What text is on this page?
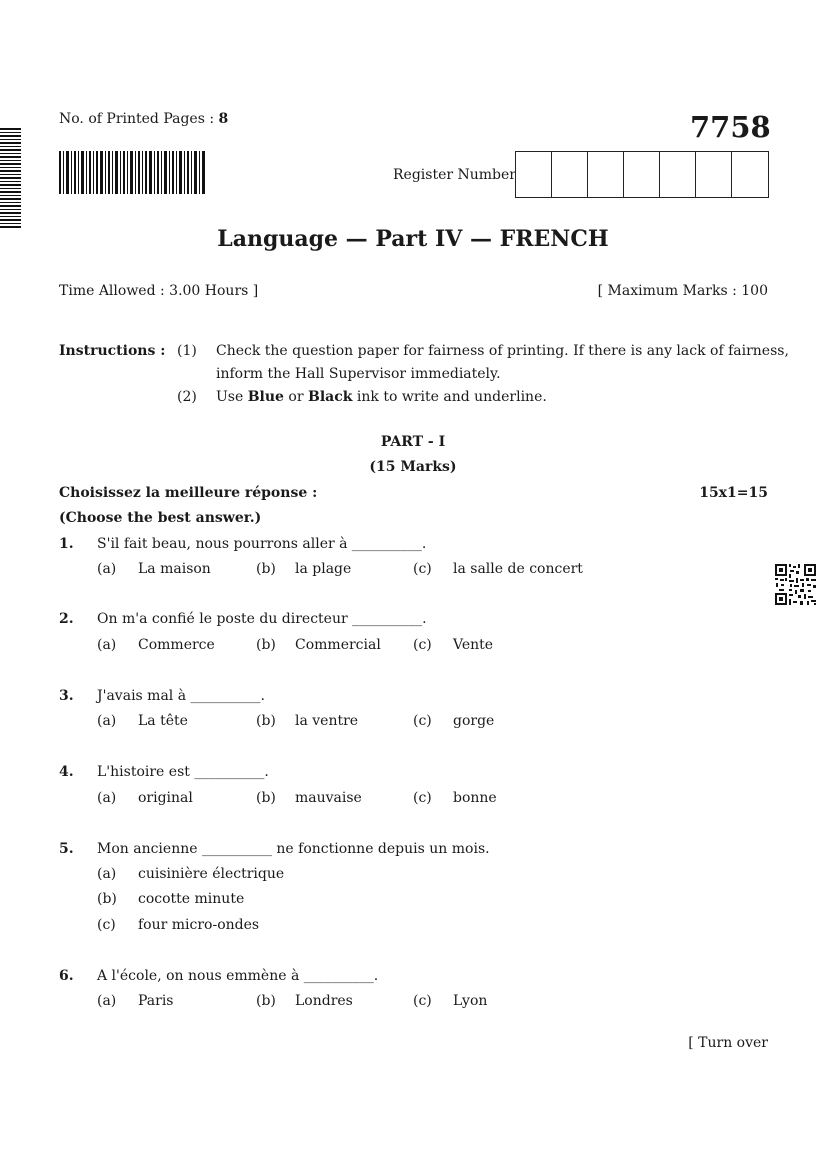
No. of Printed Pages : 8	7758
Register Number
Language — Part IV — FRENCH
Time Allowed : 3.00 Hours ]	[ Maximum Marks : 100
Instructions : (1) Check the question paper for fairness of printing. If there is any lack of fairness,
inform the Hall Supervisor immediately.
(2) Use Blue or Black ink to write and underline.
PART - I
(15 Marks)
Choisissez la meilleure réponse :	15x1=15
(Choose the best answer.)
1. S'il fait beau, nous pourrons aller à __________.
(a) La maison	(b) la plage	(c) la salle de concert
2. On m'a confié le poste du directeur __________.
(a) Commerce	(b) Commercial (c) Vente
3. J'avais mal à __________.
(a) La tête	(b) la ventre	(c) gorge
4. L'histoire est __________.
(a) original	(b) mauvaise	(c) bonne
5. Mon ancienne __________ ne fonctionne depuis un mois.
(a) cuisinière électrique
(b) cocotte minute
(c) four micro-ondes
6. A l'école, on nous emmène à __________.
(a) Paris	(b) Londres	(c) Lyon
[ Turn over
